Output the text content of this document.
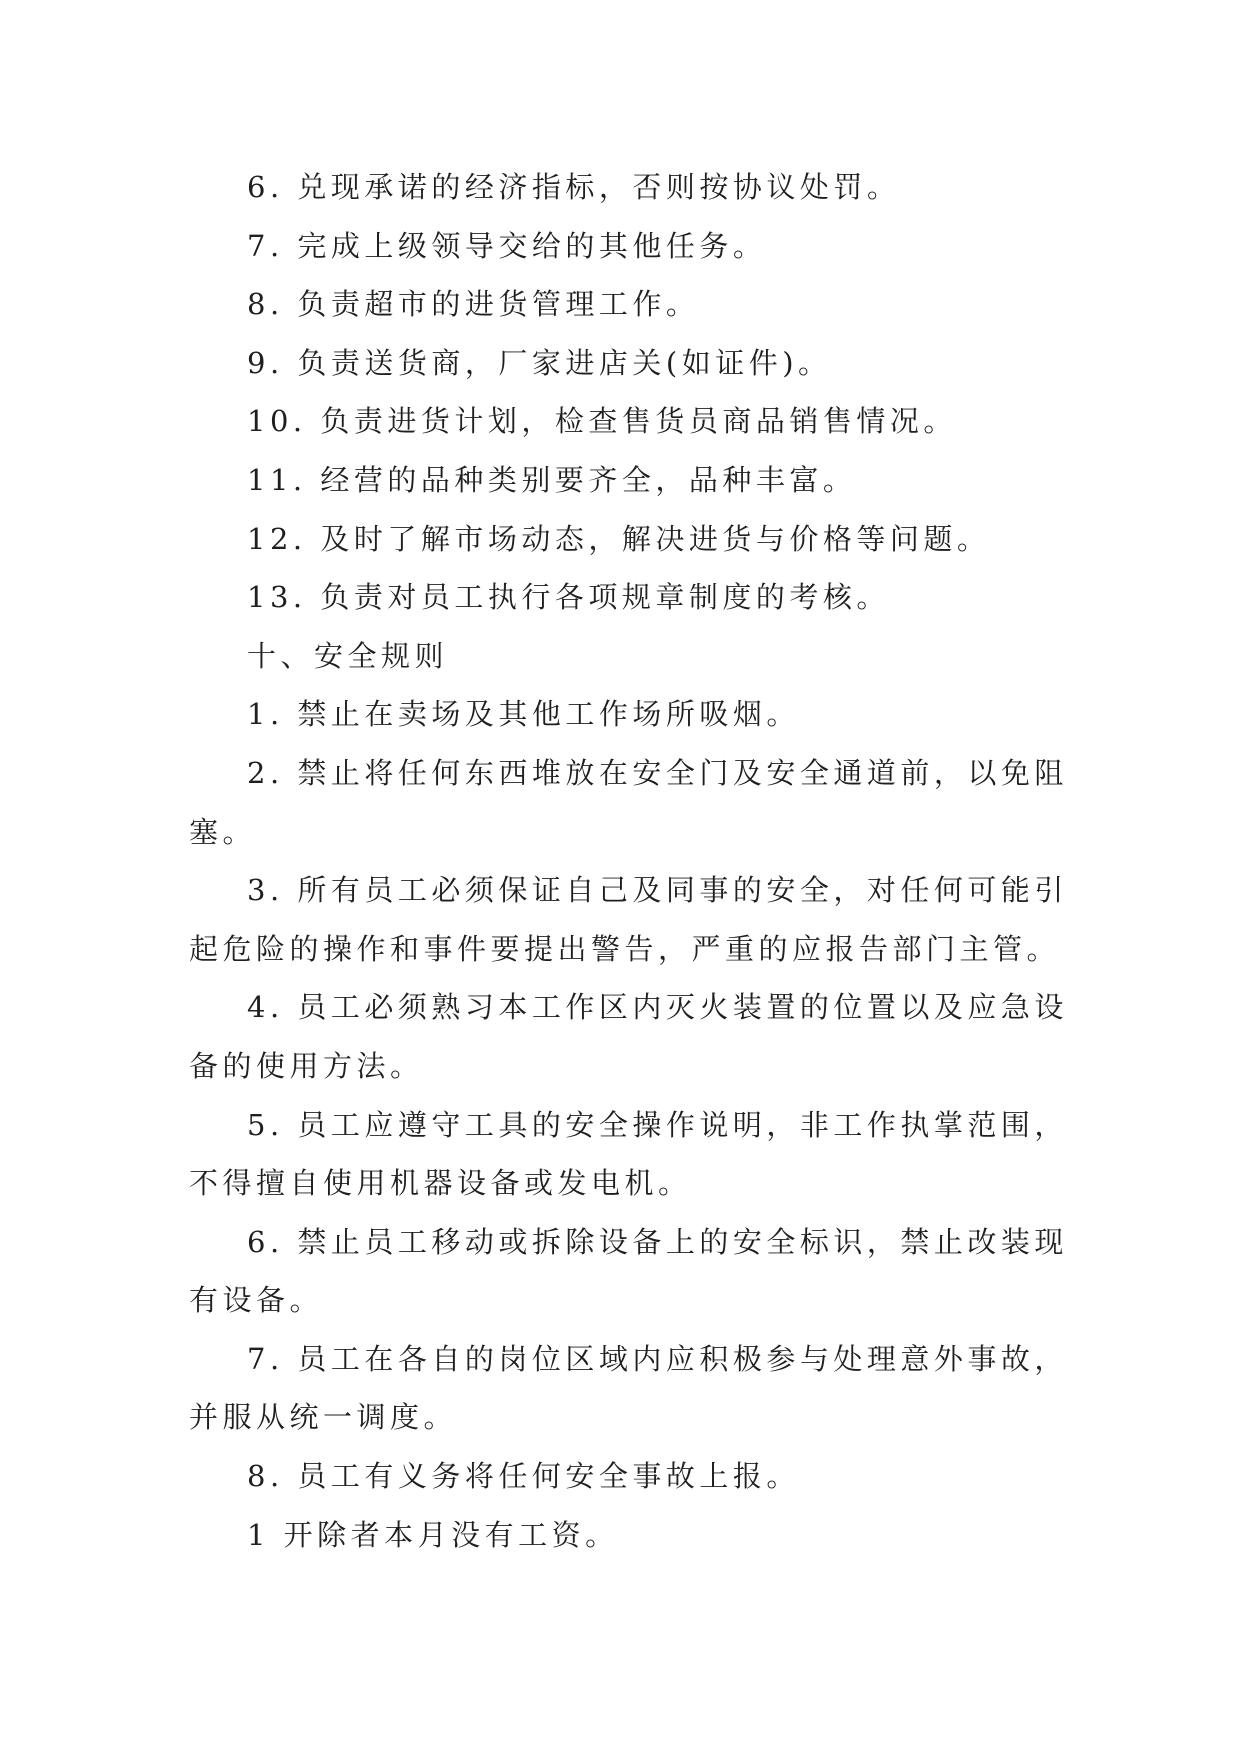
6. 兑现承诺的经济指标，否则按协议处罚。

7. 完成上级领导交给的其他任务。

8. 负责超市的进货管理工作。

9. 负责送货商，厂家进店关(如证件)。

10. 负责进货计划，检查售货员商品销售情况。

11. 经营的品种类别要齐全，品种丰富。

12. 及时了解市场动态，解决进货与价格等问题。

13. 负责对员工执行各项规章制度的考核。

十、安全规则

1. 禁止在卖场及其他工作场所吸烟。

2. 禁止将任何东西堆放在安全门及安全通道前，以免阻塞。

3. 所有员工必须保证自己及同事的安全，对任何可能引起危险的操作和事件要提出警告，严重的应报告部门主管。

4. 员工必须熟习本工作区内灭火装置的位置以及应急设备的使用方法。

5. 员工应遵守工具的安全操作说明，非工作执掌范围，不得擅自使用机器设备或发电机。

6. 禁止员工移动或拆除设备上的安全标识，禁止改装现有设备。

7. 员工在各自的岗位区域内应积极参与处理意外事故，并服从统一调度。

8. 员工有义务将任何安全事故上报。

1 开除者本月没有工资。
